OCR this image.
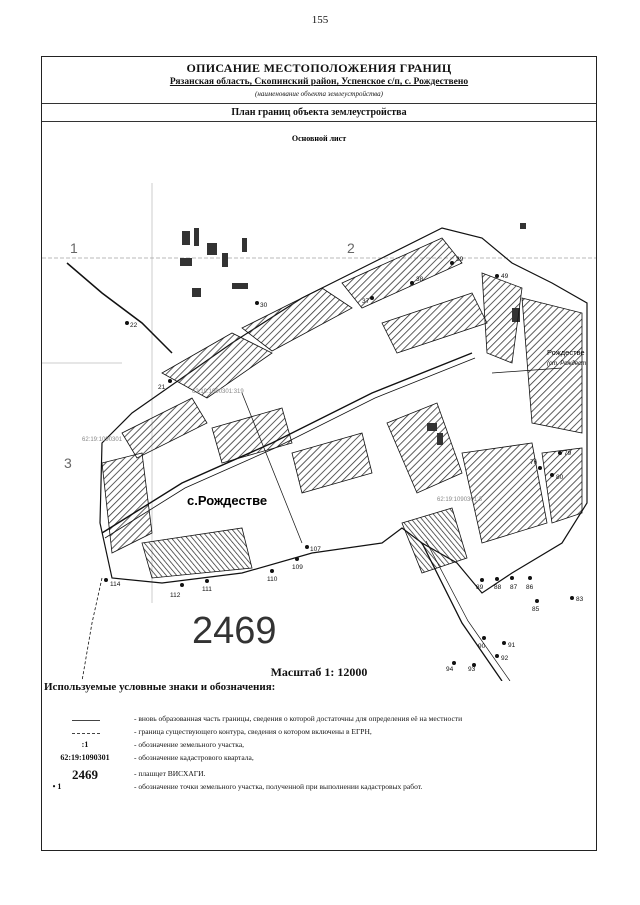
155
ОПИСАНИЕ МЕСТОПОЛОЖЕНИЯ ГРАНИЦ
Рязанская область, Скопинский район, Успенское с/п, с. Рождествено
(наименование объекта землеустройства)
План границ объекта землеустройства
Основной лист
1	2
3
39
38
37
49
30
22
21
79
76
80
85
83
86
87
88
89
90	91
92
93
94
107
109
110
111
112
114
62:19:1090301:319
62:19:1090301
62:19:1090301:3
с.Рождестве
Рождестве
(ст. Рождест
2469
Масштаб 1: 12000
Используемые условные знаки и обозначения:
- вновь образованная часть границы, сведения о которой достаточны для определения её на местности
- граница существующего контура, сведения о котором включены в ЕГРН,
:1	- обозначение земельного участка,
62:19:1090301	- обозначение кадастрового квартала,
2469	- плашцет ВИСХАГИ.
• 1	- обозначение точки земельного участка, полученной при выполнении кадастровых работ.
